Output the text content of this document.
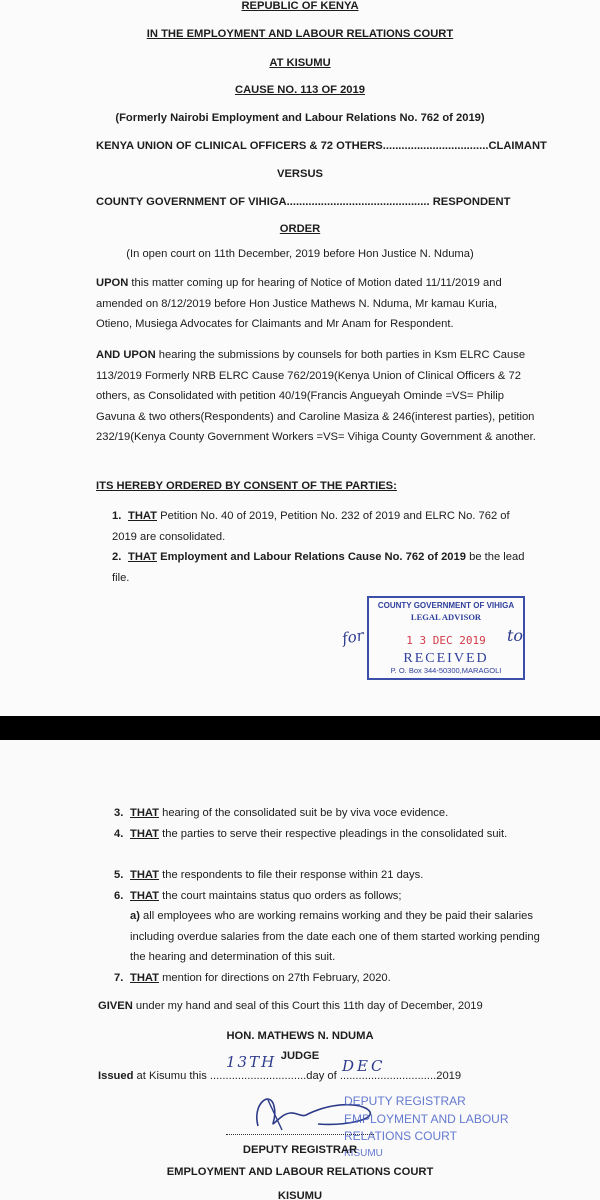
REPUBLIC OF KENYA
IN THE EMPLOYMENT AND LABOUR RELATIONS COURT
AT KISUMU
CAUSE NO. 113 OF 2019
(Formerly Nairobi Employment and Labour Relations No. 762 of 2019)
KENYA UNION OF CLINICAL OFFICERS & 72 OTHERS..................................CLAIMANT
VERSUS
COUNTY GOVERNMENT OF VIHIGA.............................................. RESPONDENT
ORDER
(In open court on 11th December, 2019 before Hon Justice N. Nduma)
UPON this matter coming up for hearing of Notice of Motion dated 11/11/2019 and amended on 8/12/2019 before Hon Justice Mathews N. Nduma, Mr kamau Kuria, Otieno, Musiega Advocates for Claimants and Mr Anam for Respondent.
AND UPON hearing the submissions by counsels for both parties in Ksm ELRC Cause 113/2019 Formerly NRB ELRC Cause 762/2019(Kenya Union of Clinical Officers & 72 others, as Consolidated with petition 40/19(Francis Angueyah Ominde =VS= Philip Gavuna & two others(Respondents) and Caroline Masiza & 246(interest parties), petition 232/19(Kenya County Government Workers =VS= Vihiga County Government & another.
ITS HEREBY ORDERED BY CONSENT OF THE PARTIES:
1. THAT Petition No. 40 of 2019, Petition No. 232 of 2019 and ELRC No. 762 of 2019 are consolidated.
2. THAT Employment and Labour Relations Cause No. 762 of 2019 be the lead file.
COUNTY GOVERNMENT OF VIHIGA
LEGAL ADVISOR
1 3 DEC 2019
RECEIVED
P. O. Box 344-50300,MARAGOLI
for	to
3. THAT hearing of the consolidated suit be by viva voce evidence.
4. THAT the parties to serve their respective pleadings in the consolidated suit.
5. THAT the respondents to file their response within 21 days.
6. THAT the court maintains status quo orders as follows;
a) all employees who are working remains working and they be paid their salaries including overdue salaries from the date each one of them started working pending the hearing and determination of this suit.
7. THAT mention for directions on 27th February, 2020.
GIVEN under my hand and seal of this Court this 11th day of December, 2019
HON. MATHEWS N. NDUMA
JUDGE
Issued at Kisumu this ...............................day of ...............................2019
13TH	DEC
DEPUTY REGISTRAR
EMPLOYMENT AND LABOUR
RELATIONS COURT
KISUMU
DEPUTY REGISTRAR
EMPLOYMENT AND LABOUR RELATIONS COURT
KISUMU
